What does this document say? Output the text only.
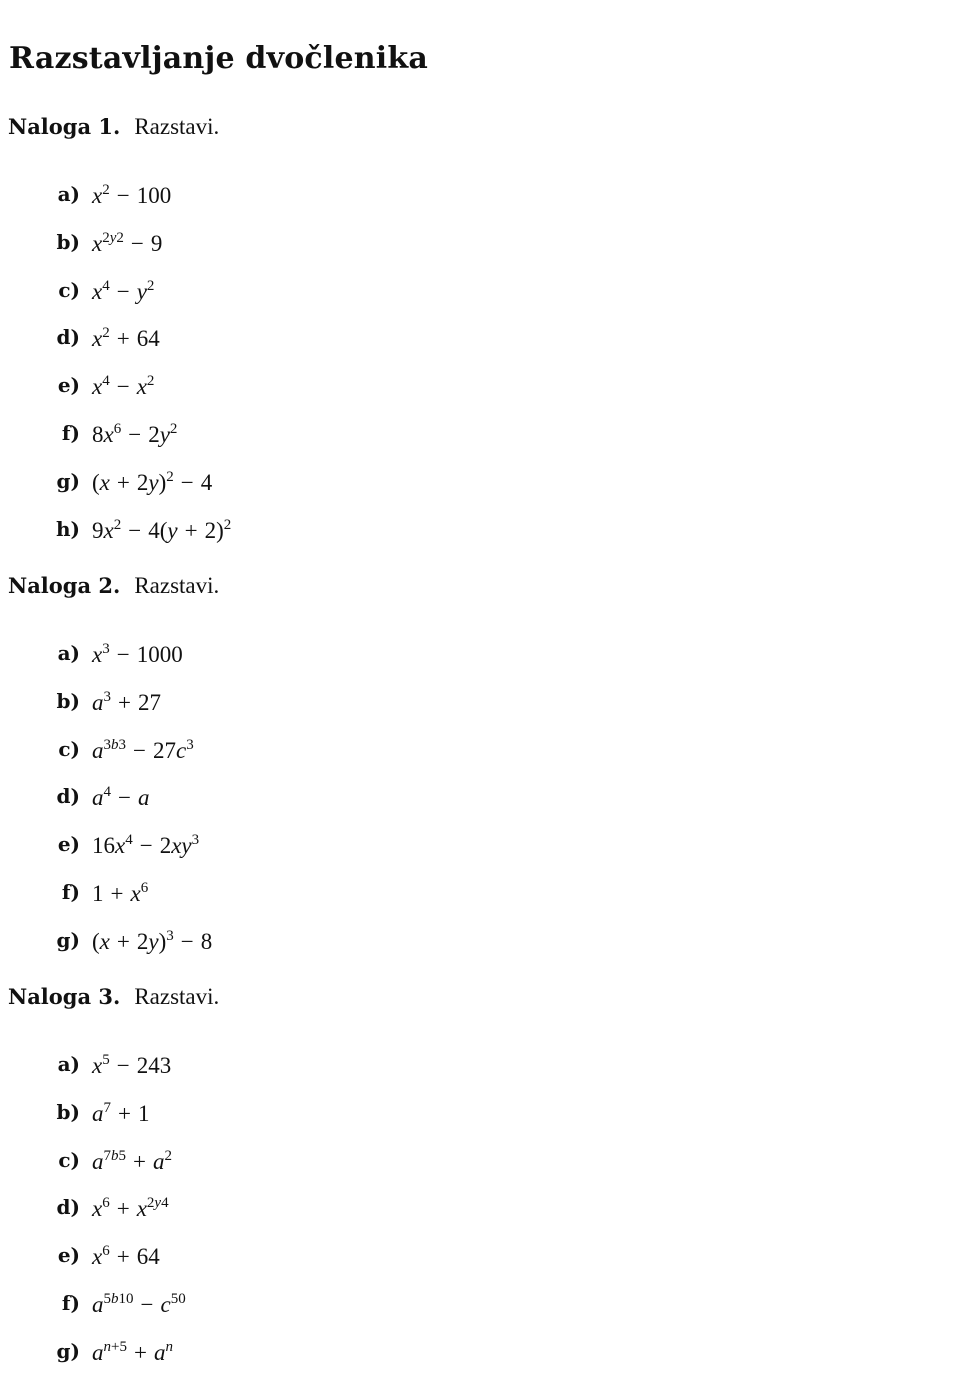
Razstavljanje dvočlenika
Naloga 1. Razstavi.
a) $x^2 - 100$
b) $x^{2y2} - 9$
c) $x^4 - y^2$
d) $x^2 + 64$
e) $x^4 - x^2$
f) $8x^6 - 2y^2$
g) $(x + 2y)^2 - 4$
h) $9x^2 - 4(y + 2)^2$
Naloga 2. Razstavi.
a) $x^3 - 1000$
b) $a^3 + 27$
c) $a^{3b3} - 27c^3$
d) $a^4 - a$
e) $16x^4 - 2xy^3$
f) $1 + x^6$
g) $(x + 2y)^3 - 8$
Naloga 3. Razstavi.
a) $x^5 - 243$
b) $a^7 + 1$
c) $a^{7b5} + a^2$
d) $x^6 + x^{2y4}$
e) $x^6 + 64$
f) $a^{5b10} - c^{50}$
g) $a^{n+5} + a^n$
